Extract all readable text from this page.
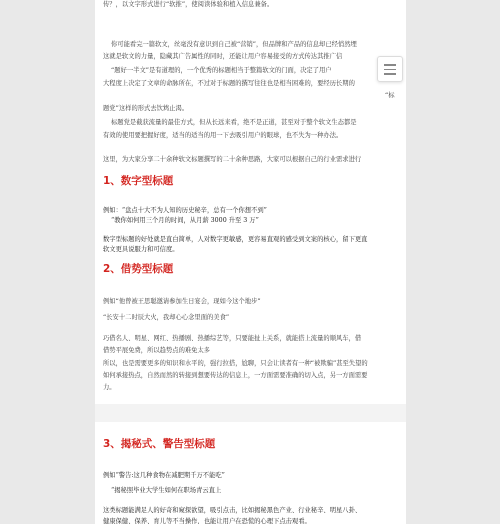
传？，以文字形式进行“软推”，使阅读体验和植入信息兼备。
你可能看完一篇软文，丝毫没有意识到自己被“营销”，但品牌和产品的信息却已经悄然埋
这就是软文的力量，隐藏其广告属性的同时，还能让用户容易接受的方式传达其推广信
“题好一半文”是有道理的，一个优秀的标题相当于整篇软文的门面，决定了用户
大程度上决定了文章的命脉所在，不过对于标题的撰写往往也是相当困难的，要经历长期的
“标
题党”这样的形式去饮鸩止渴。
标题党是截获流量的最佳方式，但从长远来看，绝不是正道，甚至对于整个软文生态都是
有效的使用要把握好度，适当的适当的用一下去吸引用户的眼球，也不失为一种办法。
这里，为大家分享二十余种软文标题撰写的二十余种思路，大家可以根据自己的行业需求进行
1、数字型标题
例如：“盘点十大不为人知的历史秘辛，总有一个你想不到”
“教你如何用三个月的时间，从月薪 3000 升至 3 万”
数字型标题的好处就是直白简单，人对数字更敏感，更容易直观的感受到文案的核心，留下更直
软文更具说服力和可信度。
2、借势型标题
例如“他曾被王思聪邀请参加生日宴会，现如今这个地步”
“长安十二时辰大火，我却心心念里面的美食”
巧借名人、明星、网红、热播剧、热播综艺等，只要能扯上关系，就能搭上流量的顺风车，借
借势平展免费，所以趋势点的难免太多
所以，也是需要更多的知识和水平的，强行拉搭，尬聊，只会让读者有一种“被欺骗”甚至失望的
如何承接热点，自然而然的转接到想要传达的信息上，一方面需要准确的切入点，另一方面需要
力。
3、揭秘式、警告型标题
例如“警告:这几种食物在减肥期千万不能吃”
“揭秘照毕业大学生如何在职场青云直上
这类标题能满足人的好奇和窥探欲望，吸引点击，比如揭秘黑色产业、行业秘辛、明星八卦、
健康保健、保养、育儿等不当操作，也能让用户在恐慌的心理下点击观看。
